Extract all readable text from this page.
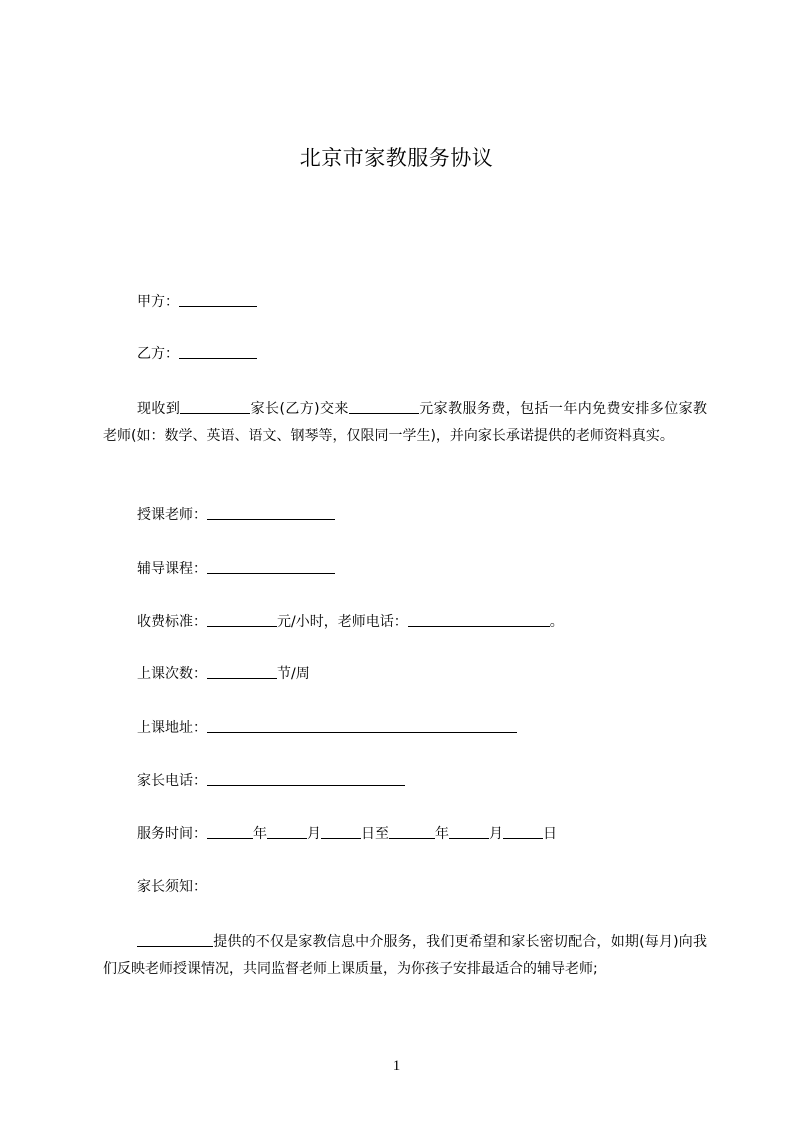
北京市家教服务协议
甲方：
乙方：
现收到	家长(乙方)交来	元家教服务费，包括一年内免费安排多位家教老师(如：数学、英语、语文、钢琴等，仅限同一学生)，并向家长承诺提供的老师资料真实。
授课老师：
辅导课程：
收费标准：	元/小时，老师电话：	。
上课次数：	节/周
上课地址：
家长电话：
服务时间：	年	月	日至	年	月	日
家长须知：
提供的不仅是家教信息中介服务，我们更希望和家长密切配合，如期(每月)向我们反映老师授课情况，共同监督老师上课质量，为你孩子安排最适合的辅导老师;
1
